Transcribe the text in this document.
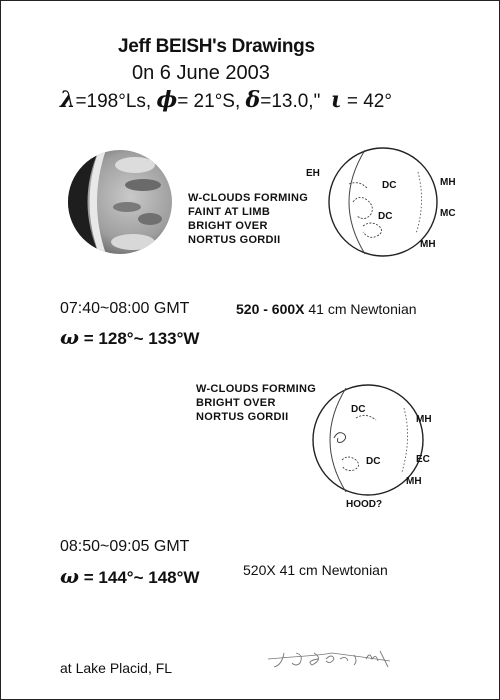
Jeff BEISH's Drawings
0n 6 June 2003
λ=198°Ls, ϕ= 21°S, δ=13.0," ι = 42°
W-CLOUDS FORMING
FAINT AT LIMB
BRIGHT OVER
NORTUS GORDII
EH
DC
DC
MH
MC
MH
07:40~08:00 GMT	520 - 600X 41 cm Newtonian
ω = 128°~ 133°W
W-CLOUDS FORMING
BRIGHT OVER
NORTUS GORDII
DC
MH
DC	EC
MH
HOOD?
08:50~09:05 GMT
ω = 144°~ 148°W	520X 41 cm Newtonian
at Lake Placid, FL
